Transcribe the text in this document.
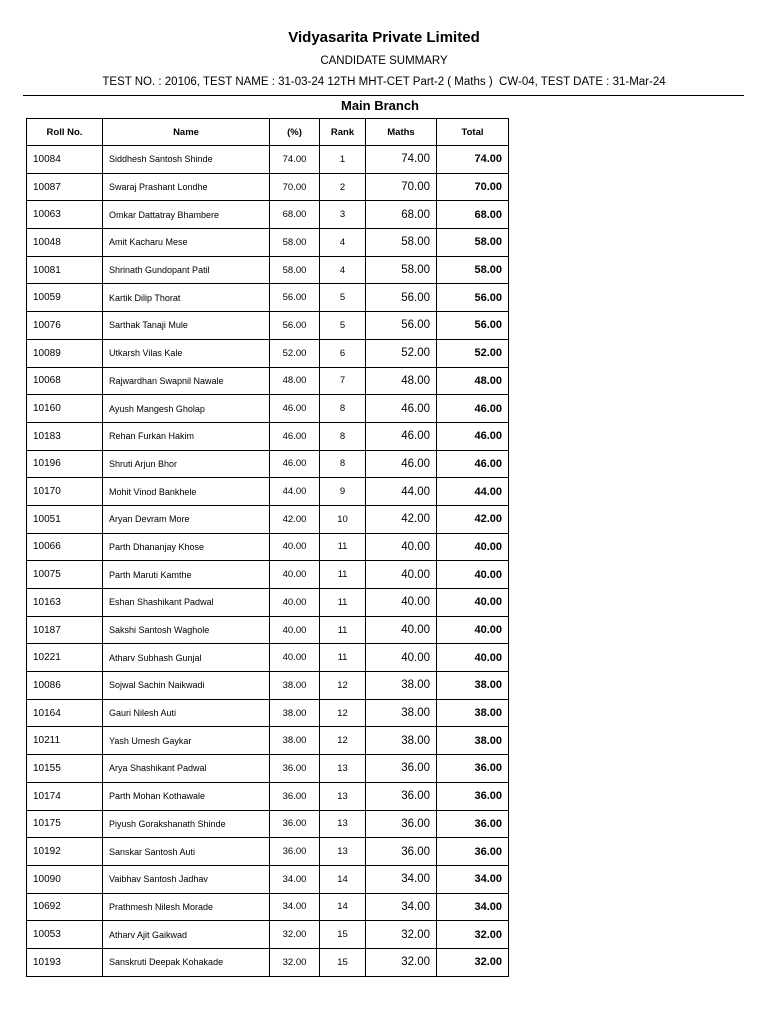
Vidyasarita Private Limited
CANDIDATE SUMMARY
TEST NO. : 20106, TEST NAME : 31-03-24 12TH MHT-CET Part-2 ( Maths )  CW-04, TEST DATE : 31-Mar-24
Main Branch
Roll No.	Name	(%)	Rank	Maths	Total
10084	Siddhesh Santosh Shinde	74.00	1	74.00	74.00
10087	Swaraj Prashant Londhe	70.00	2	70.00	70.00
10063	Omkar Dattatray Bhambere	68.00	3	68.00	68.00
10048	Amit Kacharu Mese	58.00	4	58.00	58.00
10081	Shrinath Gundopant Patil	58.00	4	58.00	58.00
10059	Kartik Dilip Thorat	56.00	5	56.00	56.00
10076	Sarthak Tanaji Mule	56.00	5	56.00	56.00
10089	Utkarsh Vilas Kale	52.00	6	52.00	52.00
10068	Rajwardhan Swapnil Nawale	48.00	7	48.00	48.00
10160	Ayush Mangesh Gholap	46.00	8	46.00	46.00
10183	Rehan Furkan Hakim	46.00	8	46.00	46.00
10196	Shruti Arjun Bhor	46.00	8	46.00	46.00
10170	Mohit Vinod Bankhele	44.00	9	44.00	44.00
10051	Aryan Devram More	42.00	10	42.00	42.00
10066	Parth Dhananjay Khose	40.00	11	40.00	40.00
10075	Parth Maruti Kamthe	40.00	11	40.00	40.00
10163	Eshan Shashikant Padwal	40.00	11	40.00	40.00
10187	Sakshi Santosh Waghole	40.00	11	40.00	40.00
10221	Atharv Subhash Gunjal	40.00	11	40.00	40.00
10086	Sojwal Sachin Naikwadi	38.00	12	38.00	38.00
10164	Gauri Nilesh Auti	38.00	12	38.00	38.00
10211	Yash Umesh Gaykar	38.00	12	38.00	38.00
10155	Arya Shashikant Padwal	36.00	13	36.00	36.00
10174	Parth Mohan Kothawale	36.00	13	36.00	36.00
10175	Piyush Gorakshanath Shinde	36.00	13	36.00	36.00
10192	Sanskar Santosh Auti	36.00	13	36.00	36.00
10090	Vaibhav Santosh Jadhav	34.00	14	34.00	34.00
10692	Prathmesh Nilesh Morade	34.00	14	34.00	34.00
10053	Atharv Ajit Gaikwad	32.00	15	32.00	32.00
10193	Sanskruti Deepak Kohakade	32.00	15	32.00	32.00
